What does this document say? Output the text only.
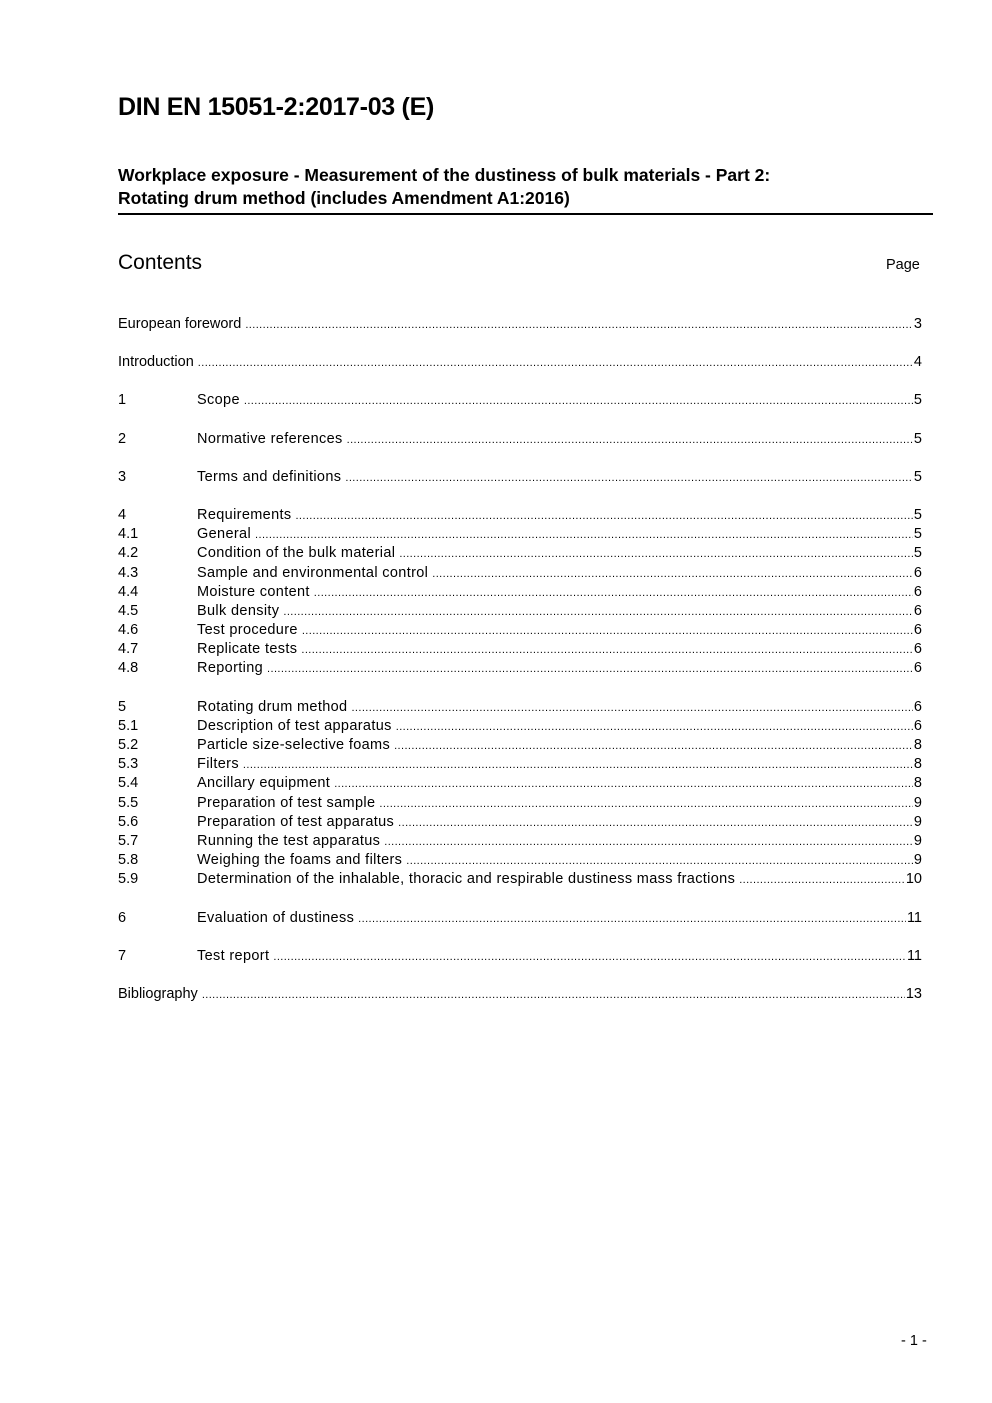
DIN EN 15051-2:2017-03 (E)
Workplace exposure - Measurement of the dustiness of bulk materials - Part 2:
Rotating drum method (includes Amendment A1:2016)
Contents	Page
European foreword .....	3
Introduction .....	4
1	Scope .....	5
2	Normative references .....	5
3	Terms and definitions .....	5
4	Requirements .....	5
4.1	General .....	5
4.2	Condition of the bulk material .....	5
4.3	Sample and environmental control .....	6
4.4	Moisture content .....	6
4.5	Bulk density .....	6
4.6	Test procedure .....	6
4.7	Replicate tests .....	6
4.8	Reporting .....	6
5	Rotating drum method .....	6
5.1	Description of test apparatus .....	6
5.2	Particle size-selective foams .....	8
5.3	Filters .....	8
5.4	Ancillary equipment .....	8
5.5	Preparation of test sample .....	9
5.6	Preparation of test apparatus .....	9
5.7	Running the test apparatus .....	9
5.8	Weighing the foams and filters .....	9
5.9	Determination of the inhalable, thoracic and respirable dustiness mass fractions .....	10
6	Evaluation of dustiness .....	11
7	Test report .....	11
Bibliography .....	13
- 1 -
